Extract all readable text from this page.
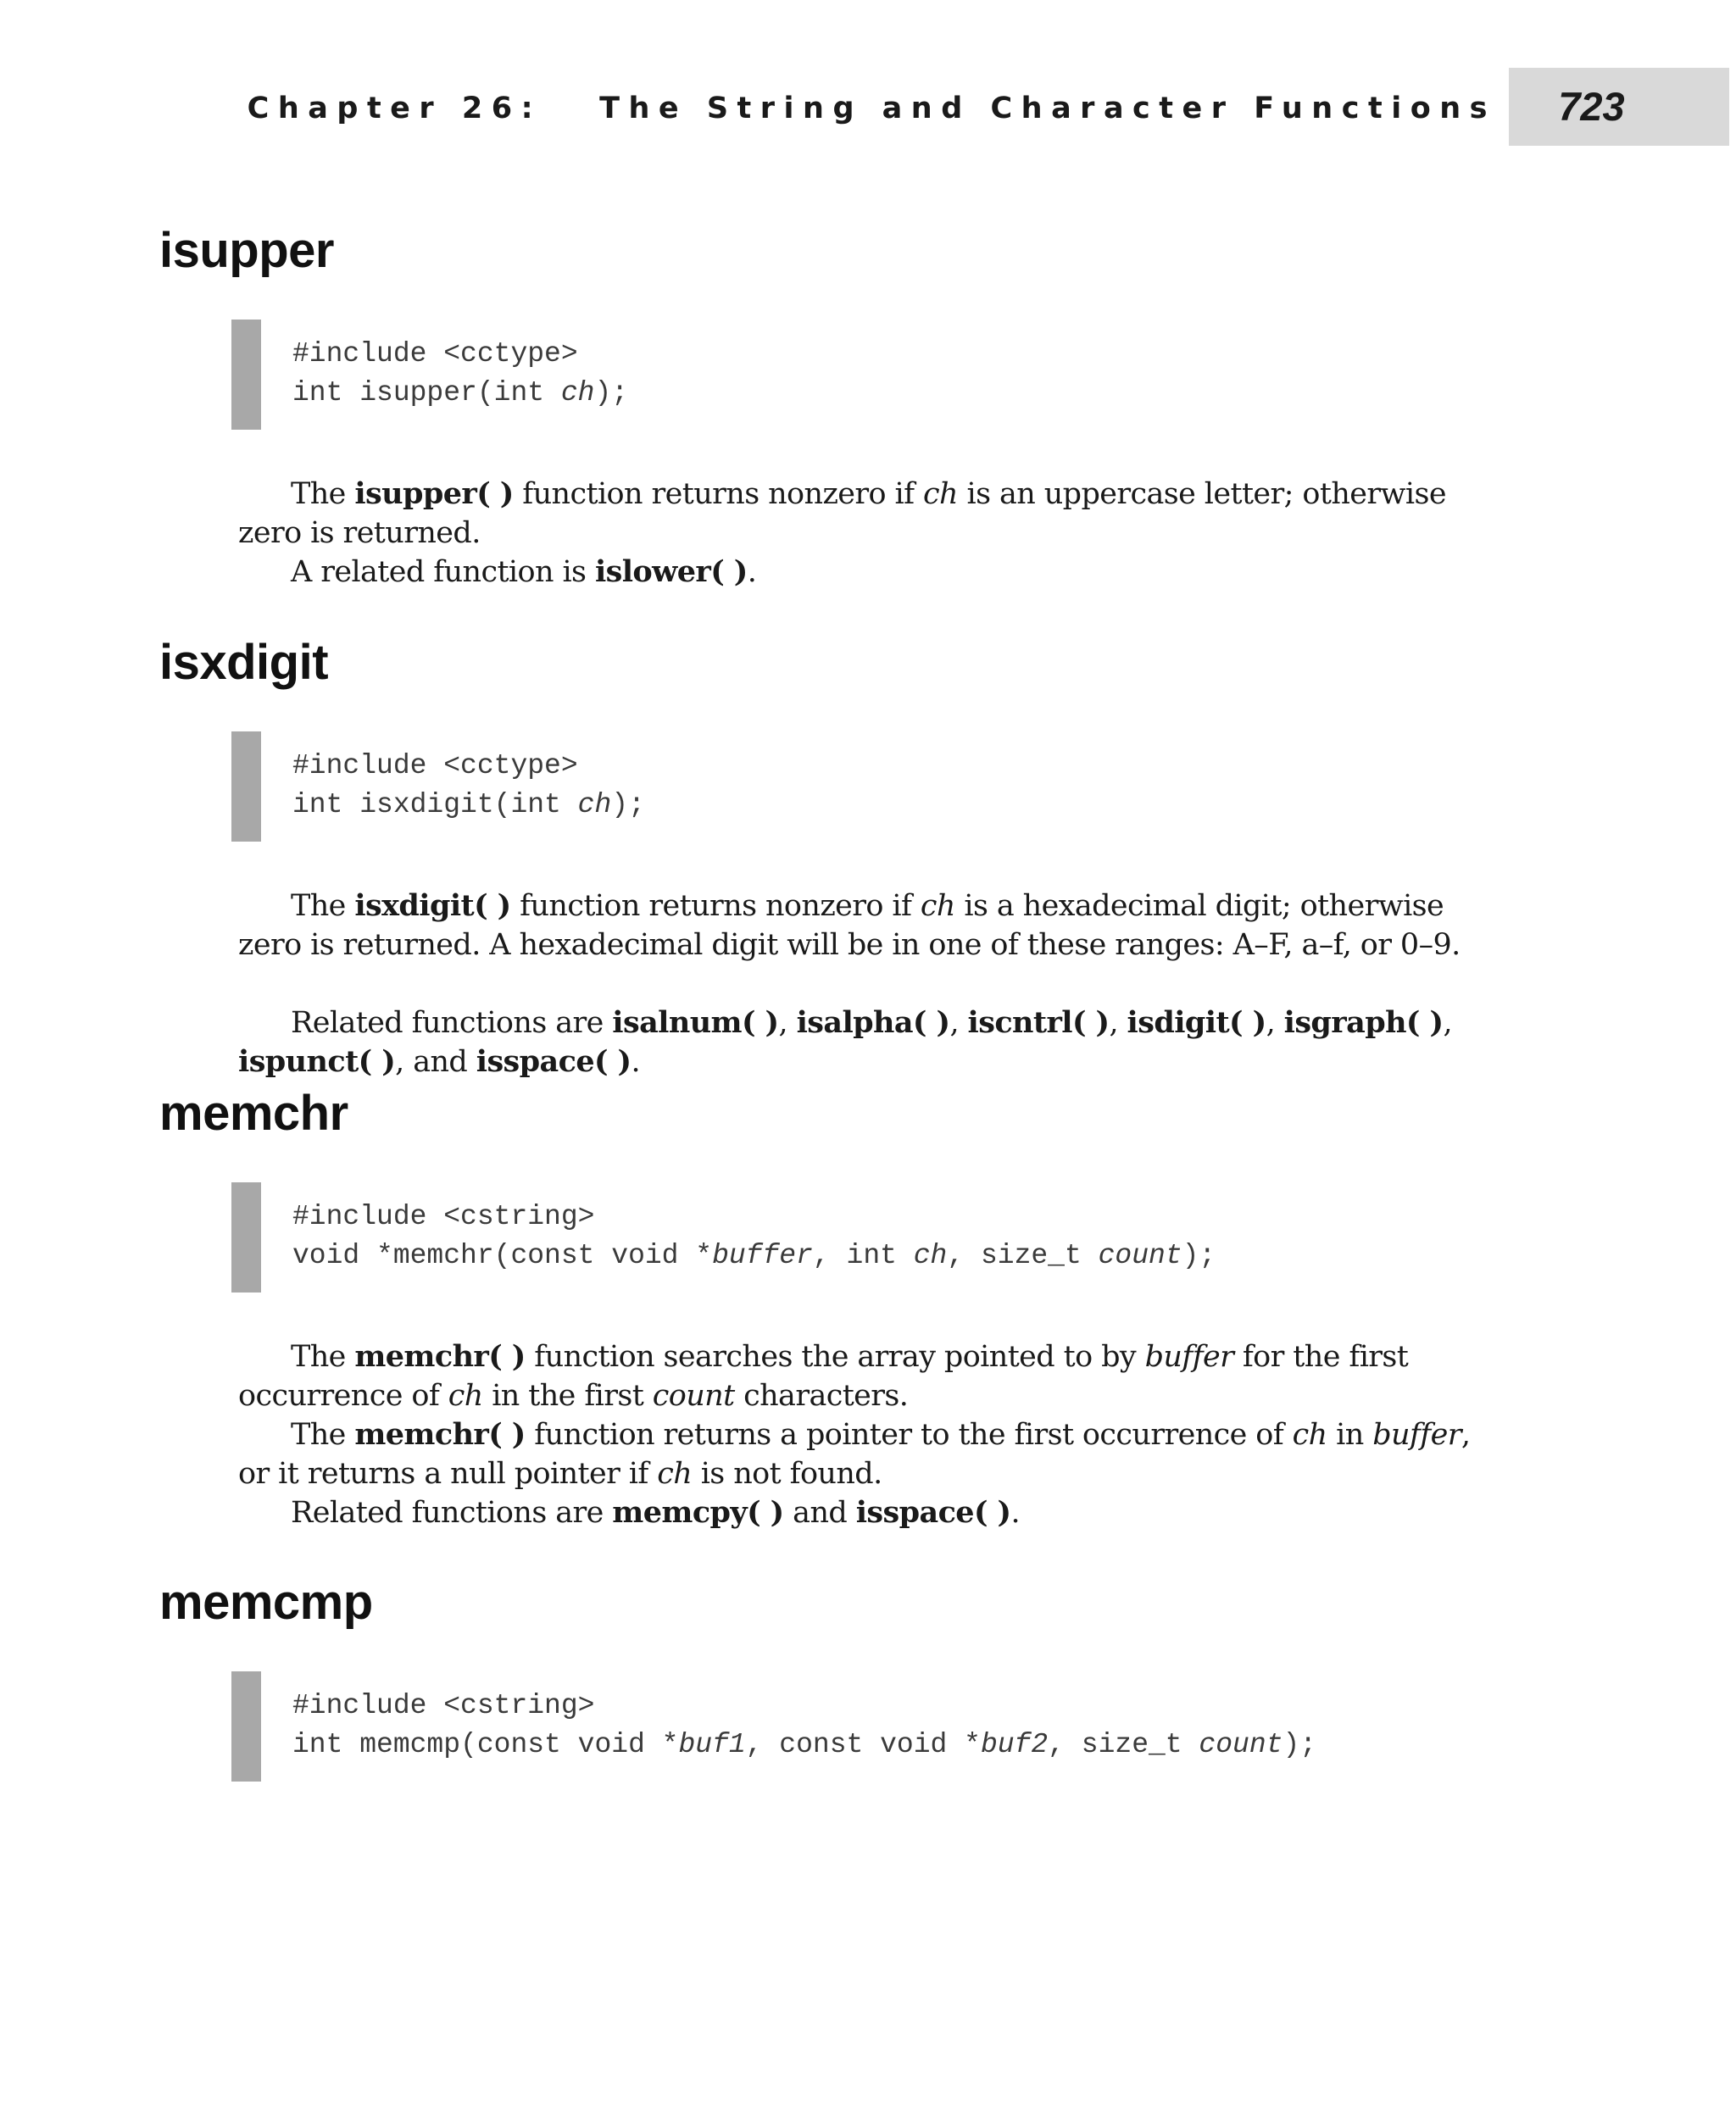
Chapter 26:   The String and Character Functions	723
isupper
#include <cctype>
int isupper(int ch);

The isupper( ) function returns nonzero if ch is an uppercase letter; otherwise zero is returned.

A related function is islower( ).

isxdigit
#include <cctype>
int isxdigit(int ch);

The isxdigit( ) function returns nonzero if ch is a hexadecimal digit; otherwise zero is returned. A hexadecimal digit will be in one of these ranges: A–F, a–f, or 0–9.

Related functions are isalnum( ), isalpha( ), iscntrl( ), isdigit( ), isgraph( ), ispunct( ), and isspace( ).

memchr
#include <cstring>
void *memchr(const void *buffer, int ch, size_t count);

The memchr( ) function searches the array pointed to by buffer for the first occurrence of ch in the first count characters.

The memchr( ) function returns a pointer to the first occurrence of ch in buffer, or it returns a null pointer if ch is not found.

Related functions are memcpy( ) and isspace( ).

memcmp
#include <cstring>
int memcmp(const void *buf1, const void *buf2, size_t count);
